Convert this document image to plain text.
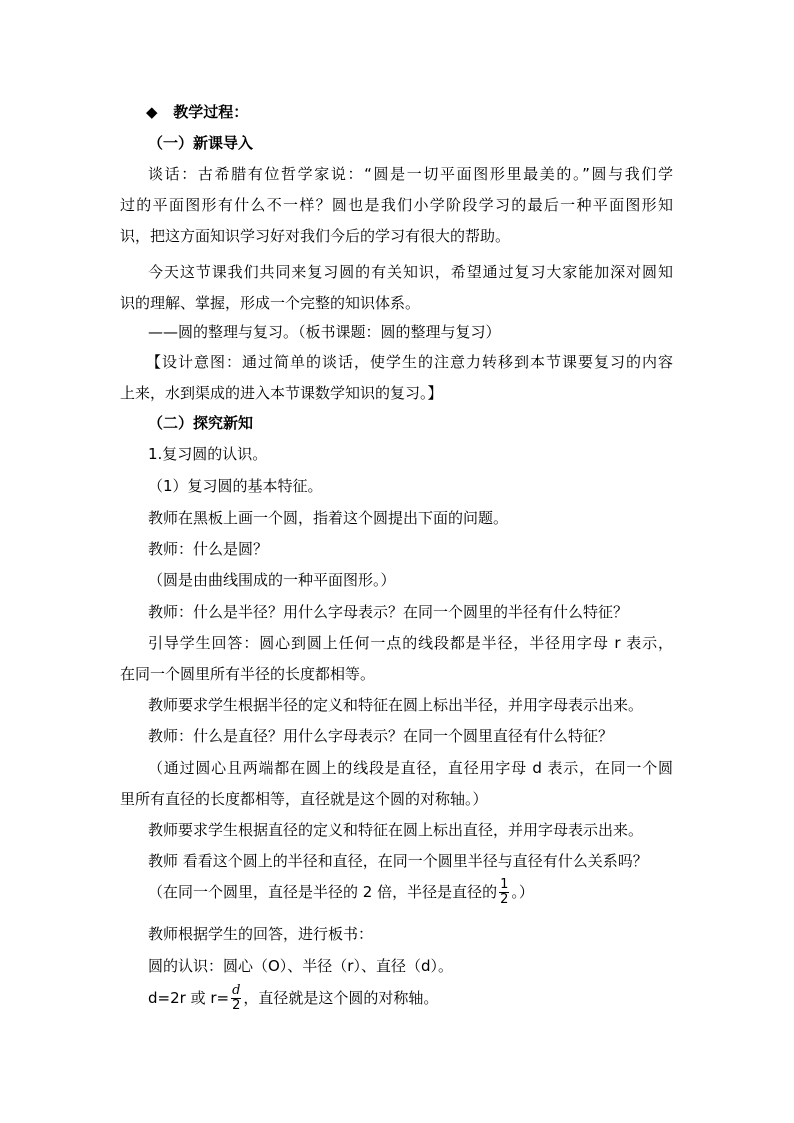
◆ 教学过程：
（一）新课导入
谈话：古希腊有位哲学家说：“圆是一切平面图形里最美的。”圆与我们学
过的平面图形有什么不一样？圆也是我们小学阶段学习的最后一种平面图形知
识，把这方面知识学习好对我们今后的学习有很大的帮助。
今天这节课我们共同来复习圆的有关知识，希望通过复习大家能加深对圆知
识的理解、掌握，形成一个完整的知识体系。
——圆的整理与复习。（板书课题：圆的整理与复习）
【设计意图：通过简单的谈话，使学生的注意力转移到本节课要复习的内容
上来，水到渠成的进入本节课数学知识的复习。】
（二）探究新知
1.复习圆的认识。
（1）复习圆的基本特征。
教师在黑板上画一个圆，指着这个圆提出下面的问题。
教师：什么是圆？
（圆是由曲线围成的一种平面图形。）
教师：什么是半径？用什么字母表示？在同一个圆里的半径有什么特征？
引导学生回答：圆心到圆上任何一点的线段都是半径，半径用字母 r 表示，
在同一个圆里所有半径的长度都相等。
教师要求学生根据半径的定义和特征在圆上标出半径，并用字母表示出来。
教师：什么是直径？用什么字母表示？在同一个圆里直径有什么特征？
（通过圆心且两端都在圆上的线段是直径，直径用字母 d 表示，在同一个圆
里所有直径的长度都相等，直径就是这个圆的对称轴。）
教师要求学生根据直径的定义和特征在圆上标出直径，并用字母表示出来。
教师 看看这个圆上的半径和直径，在同一个圆里半径与直径有什么关系吗？
（在同一个圆里，直径是半径的 2 倍，半径是直径的 $\frac{1}{2}$ 。）
教师根据学生的回答，进行板书：
圆的认识：圆心（O）、半径（r）、直径（d）。
d=2r 或 $r= \frac{d}{2}$ ，直径就是这个圆的对称轴。
